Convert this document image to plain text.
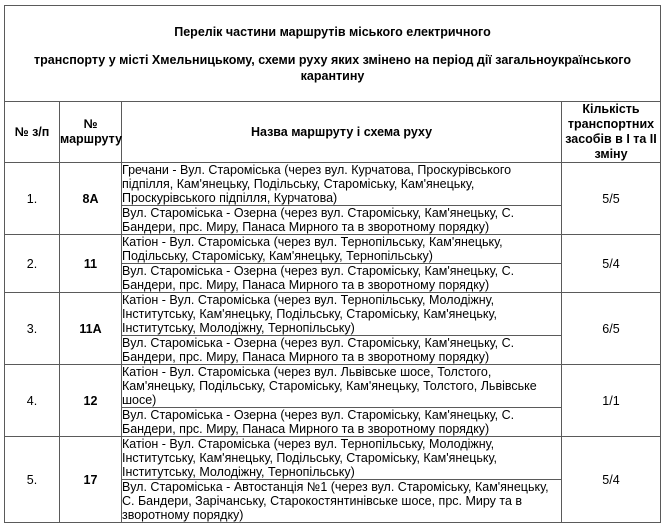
Перелік частини маршрутів міського електричного
транспорту у місті Хмельницькому, схеми руху яких змінено на період дії загальноукраїнського карантину			

№ з/п	№ маршруту	Назва маршруту і схема руху	Кількість транспортних засобів в І та ІІ зміну
1.	8А	Гречани - Вул. Староміська (через вул. Курчатова, Проскурівського підпілля, Кам'янецьку, Подільську, Староміську, Кам'янецьку, Проскурівського підпілля, Курчатова)	5/5
		Вул. Староміська - Озерна (через вул. Староміську, Кам'янецьку, С. Бандери, прс. Миру, Панаса Мирного та в зворотному порядку)	
2.	11	Катіон - Вул. Староміська (через вул. Тернопільську, Кам'янецьку, Подільську, Староміську, Кам'янецьку, Тернопільську)	5/4
		Вул. Староміська - Озерна (через вул. Староміську, Кам'янецьку, С. Бандери, прс. Миру, Панаса Мирного та в зворотному порядку)	
3.	11А	Катіон - Вул. Староміська (через вул. Тернопільську, Молодіжну, Інститутську, Кам'янецьку, Подільську, Староміську, Кам'янецьку, Інститутську, Молодіжну, Тернопільську)	6/5
		Вул. Староміська - Озерна (через вул. Староміську, Кам'янецьку, С. Бандери, прс. Миру, Панаса Мирного та в зворотному порядку)	
4.	12	Катіон - Вул. Староміська (через вул. Львівське шосе, Толстого, Кам'янецьку, Подільську, Староміську, Кам'янецьку, Толстого, Львівське шосе)	1/1
		Вул. Староміська - Озерна (через вул. Староміську, Кам'янецьку, С. Бандери, прс. Миру, Панаса Мирного та в зворотному порядку)	
5.	17	Катіон - Вул. Староміська (через вул. Тернопільську, Молодіжну, Інститутську, Кам'янецьку, Подільську, Староміську, Кам'янецьку, Інститутську, Молодіжну, Тернопільську)	5/4
		Вул. Староміська - Автостанція №1 (через вул. Староміську, Кам'янецьку, С. Бандери, Зарічанську, Старокостянтинівське шосе, прс. Миру та в зворотному порядку)	
